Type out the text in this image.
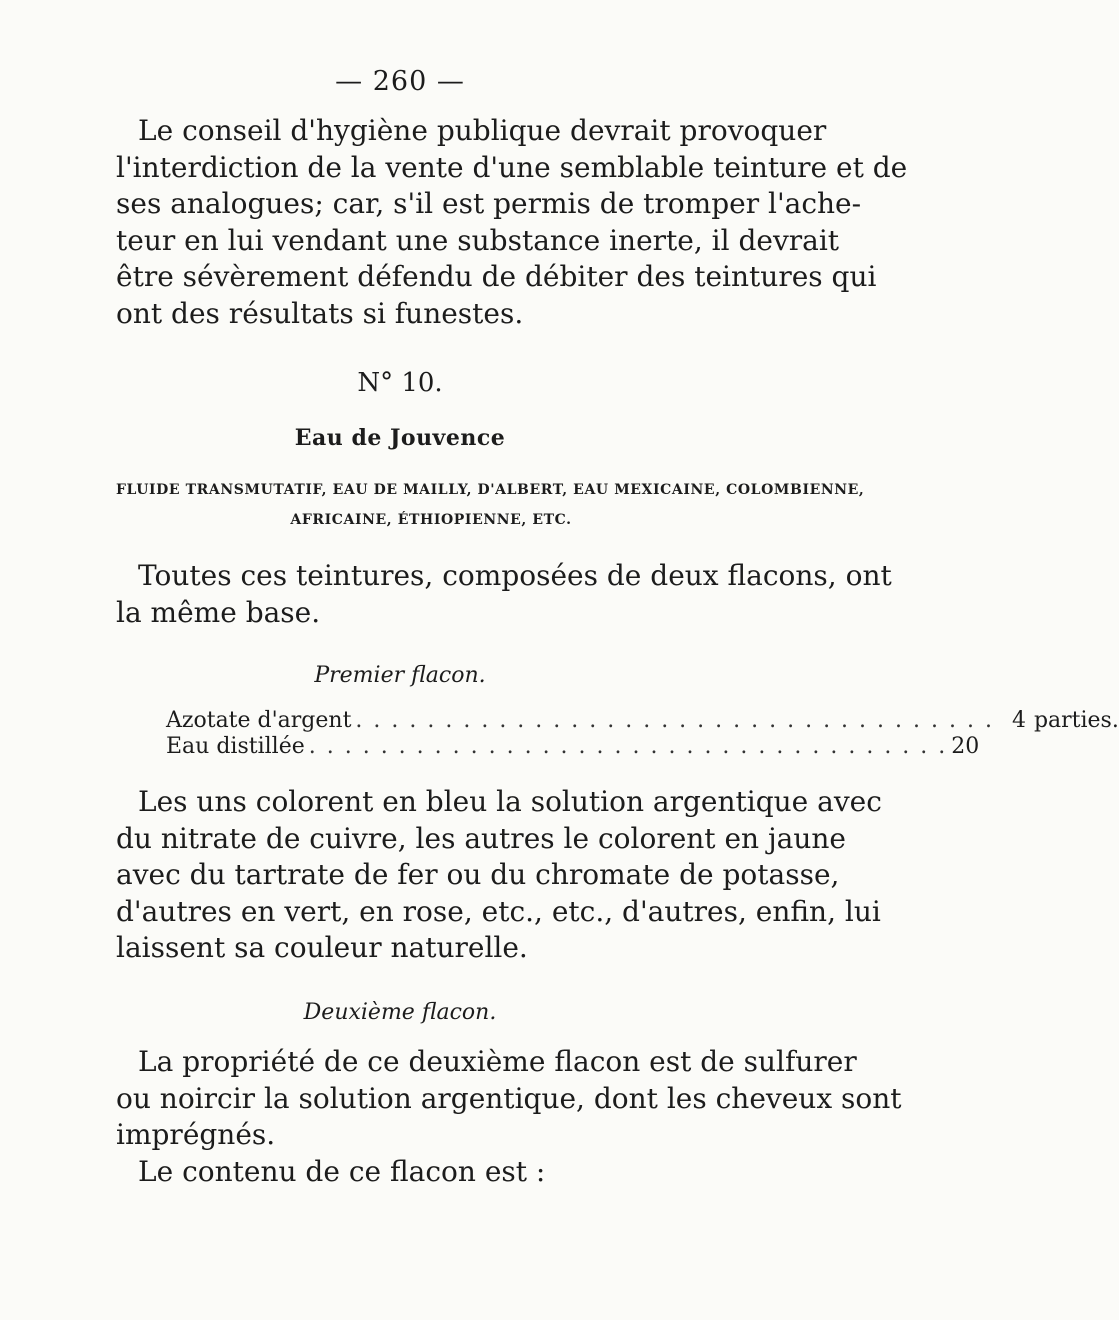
— 260 —
Le conseil d'hygiène publique devrait provoquer
l'interdiction de la vente d'une semblable teinture et de
ses analogues; car, s'il est permis de tromper l'ache-
teur en lui vendant une substance inerte, il devrait
être sévèrement défendu de débiter des teintures qui
ont des résultats si funestes.

N° 10.

Eau de Jouvence

FLUIDE TRANSMUTATIF, EAU DE MAILLY, D'ALBERT, EAU MEXICAINE, COLOMBIENNE,
AFRICAINE, ÉTHIOPIENNE, ETC.

Toutes ces teintures, composées de deux flacons, ont
la même base.

Premier flacon.

Azotate d'argent . . . . . . . . . . . . . . . . . . . . . . . . . . . . . . . . . . . . 4 parties.
Eau distillée . . . . . . . . . . . . . . . . . . . . . . . . . . . . . . . . . . . . 20
Les uns colorent en bleu la solution argentique avec
du nitrate de cuivre, les autres le colorent en jaune
avec du tartrate de fer ou du chromate de potasse,
d'autres en vert, en rose, etc., etc., d'autres, enfin, lui
laissent sa couleur naturelle.

Deuxième flacon.

La propriété de ce deuxième flacon est de sulfurer
ou noircir la solution argentique, dont les cheveux sont
imprégnés.
Le contenu de ce flacon est :
